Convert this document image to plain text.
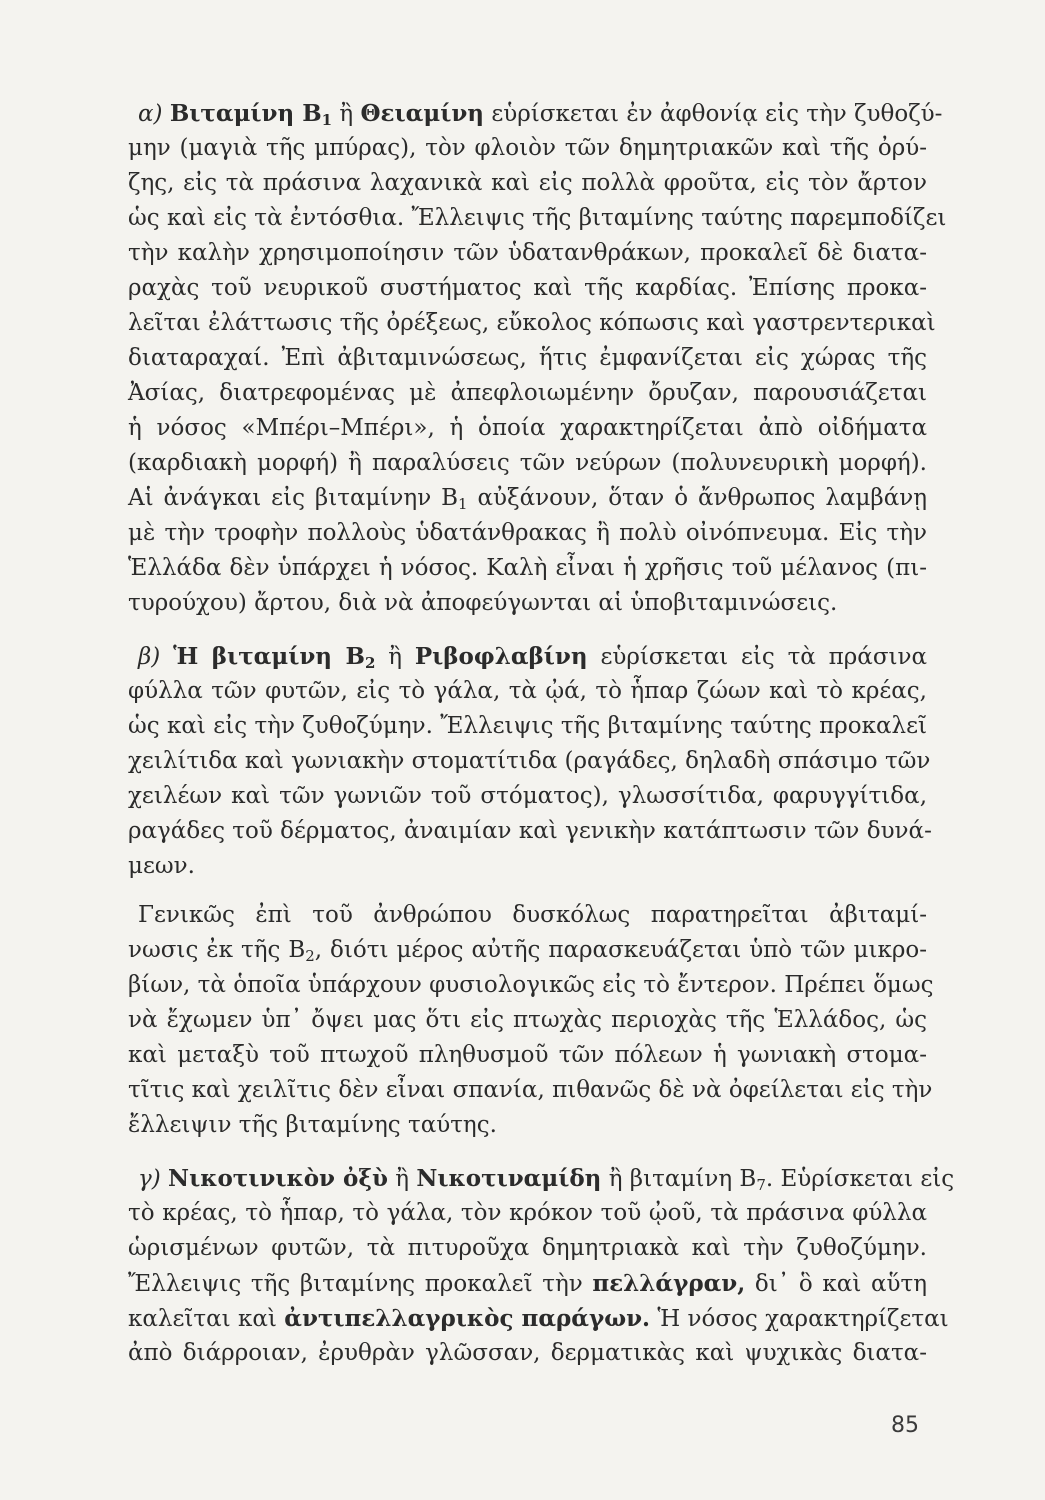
α) Βιταμίνη $B_1$ ἢ Θειαμίνη εὑρίσκεται ἐν ἀφθονίᾳ εἰς τὴν ζυθοζύ-
μην (μαγιὰ τῆς μπύρας), τὸν φλοιὸν τῶν δημητριακῶν καὶ τῆς ὀρύ-
ζης, εἰς τὰ πράσινα λαχανικὰ καὶ εἰς πολλὰ φροῦτα, εἰς τὸν ἄρτον
ὡς καὶ εἰς τὰ ἐντόσθια. Ἔλλειψις τῆς βιταμίνης ταύτης παρεμποδίζει
τὴν καλὴν χρησιμοποίησιν τῶν ὑδατανθράκων, προκαλεῖ δὲ διατα-
ραχὰς τοῦ νευρικοῦ συστήματος καὶ τῆς καρδίας. Ἐπίσης προκα-
λεῖται ἐλάττωσις τῆς ὀρέξεως, εὔκολος κόπωσις καὶ γαστρεντερικαὶ
διαταραχαί. Ἐπὶ ἀβιταμινώσεως, ἥτις ἐμφανίζεται εἰς χώρας τῆς
Ἀσίας, διατρεφομένας μὲ ἀπεφλοιωμένην ὄρυζαν, παρουσιάζεται
ἡ νόσος «Μπέρι–Μπέρι», ἡ ὁποία χαρακτηρίζεται ἀπὸ οἰδήματα
(καρδιακὴ μορφή) ἢ παραλύσεις τῶν νεύρων (πολυνευρικὴ μορφή).
Αἱ ἀνάγκαι εἰς βιταμίνην $B_1$ αὐξάνουν, ὅταν ὁ ἄνθρωπος λαμβάνῃ
μὲ τὴν τροφὴν πολλοὺς ὑδατάνθρακας ἢ πολὺ οἰνόπνευμα. Εἰς τὴν
Ἑλλάδα δὲν ὑπάρχει ἡ νόσος. Καλὴ εἶναι ἡ χρῆσις τοῦ μέλανος (πι-
τυρούχου) ἄρτου, διὰ νὰ ἀποφεύγωνται αἱ ὑποβιταμινώσεις.
β) Ἡ βιταμίνη $B_2$ ἢ Ριβοφλαβίνη εὑρίσκεται εἰς τὰ πράσινα
φύλλα τῶν φυτῶν, εἰς τὸ γάλα, τὰ ᾠά, τὸ ἧπαρ ζώων καὶ τὸ κρέας,
ὡς καὶ εἰς τὴν ζυθοζύμην. Ἔλλειψις τῆς βιταμίνης ταύτης προκαλεῖ
χειλίτιδα καὶ γωνιακὴν στοματίτιδα (ραγάδες, δηλαδὴ σπάσιμο τῶν
χειλέων καὶ τῶν γωνιῶν τοῦ στόματος), γλωσσίτιδα, φαρυγγίτιδα,
ραγάδες τοῦ δέρματος, ἀναιμίαν καὶ γενικὴν κατάπτωσιν τῶν δυνά-
μεων.
Γενικῶς ἐπὶ τοῦ ἀνθρώπου δυσκόλως παρατηρεῖται ἀβιταμί-
νωσις ἐκ τῆς $B_2$, διότι μέρος αὐτῆς παρασκευάζεται ὑπὸ τῶν μικρο-
βίων, τὰ ὁποῖα ὑπάρχουν φυσιολογικῶς εἰς τὸ ἔντερον. Πρέπει ὅμως
νὰ ἔχωμεν ὑπ᾿ ὄψει μας ὅτι εἰς πτωχὰς περιοχὰς τῆς Ἑλλάδος, ὡς
καὶ μεταξὺ τοῦ πτωχοῦ πληθυσμοῦ τῶν πόλεων ἡ γωνιακὴ στομα-
τῖτις καὶ χειλῖτις δὲν εἶναι σπανία, πιθανῶς δὲ νὰ ὀφείλεται εἰς τὴν
ἔλλειψιν τῆς βιταμίνης ταύτης.
γ) Νικοτινικὸν ὀξὺ ἢ Νικοτιναμίδη ἢ βιταμίνη $B_7$. Εὑρίσκεται εἰς
τὸ κρέας, τὸ ἧπαρ, τὸ γάλα, τὸν κρόκον τοῦ ᾠοῦ, τὰ πράσινα φύλλα
ὡρισμένων φυτῶν, τὰ πιτυροῦχα δημητριακὰ καὶ τὴν ζυθοζύμην.
Ἔλλειψις τῆς βιταμίνης προκαλεῖ τὴν πελλάγραν, δι᾿ ὃ καὶ αὕτη
καλεῖται καὶ ἀντιπελλαγρικὸς παράγων. Ἡ νόσος χαρακτηρίζεται
ἀπὸ διάρροιαν, ἐρυθρὰν γλῶσσαν, δερματικὰς καὶ ψυχικὰς διατα-
85
